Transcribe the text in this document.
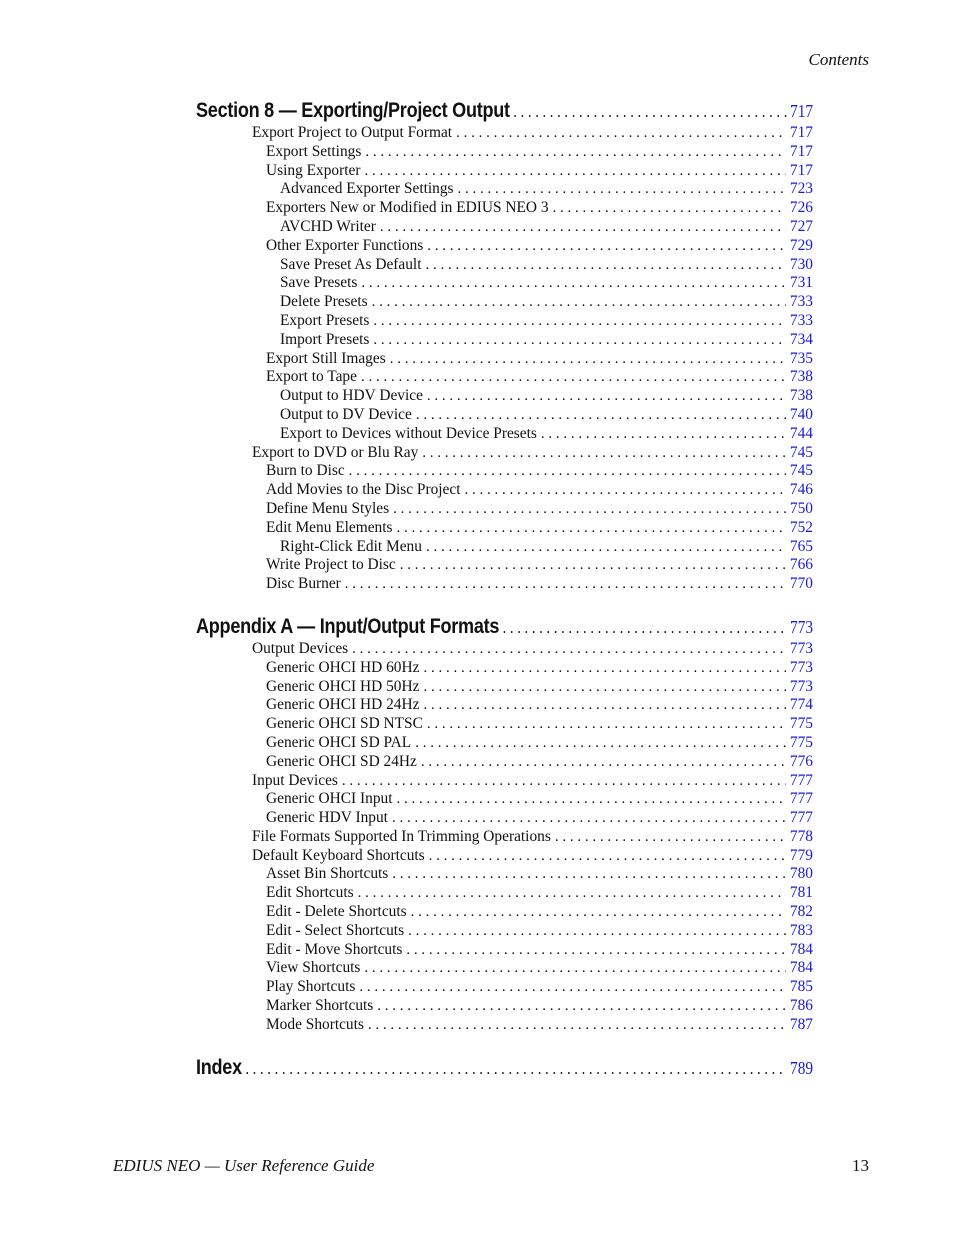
Contents
Section 8 — Exporting/Project Output . . .	717
Export Project to Output Format . . .	717
Export Settings . . .	717
Using Exporter . . .	717
Advanced Exporter Settings . . .	723
Exporters New or Modified in EDIUS NEO 3 . . .	726
AVCHD Writer . . .	727
Other Exporter Functions . . .	729
Save Preset As Default . . .	730
Save Presets . . .	731
Delete Presets . . .	733
Export Presets . . .	733
Import Presets . . .	734
Export Still Images . . .	735
Export to Tape . . .	738
Output to HDV Device . . .	738
Output to DV Device . . .	740
Export to Devices without Device Presets . . .	744
Export to DVD or Blu Ray . . .	745
Burn to Disc . . .	745
Add Movies to the Disc Project . . .	746
Define Menu Styles . . .	750
Edit Menu Elements . . .	752
Right-Click Edit Menu . . .	765
Write Project to Disc . . .	766
Disc Burner . . .	770
Appendix A — Input/Output Formats . . .	773
Output Devices . . .	773
Generic OHCI HD 60Hz . . .	773
Generic OHCI HD 50Hz . . .	773
Generic OHCI HD 24Hz . . .	774
Generic OHCI SD NTSC . . .	775
Generic OHCI SD PAL . . .	775
Generic OHCI SD 24Hz . . .	776
Input Devices . . .	777
Generic OHCI Input . . .	777
Generic HDV Input . . .	777
File Formats Supported In Trimming Operations . . .	778
Default Keyboard Shortcuts . . .	779
Asset Bin Shortcuts . . .	780
Edit Shortcuts . . .	781
Edit - Delete Shortcuts . . .	782
Edit - Select Shortcuts . . .	783
Edit - Move Shortcuts . . .	784
View Shortcuts . . .	784
Play Shortcuts . . .	785
Marker Shortcuts . . .	786
Mode Shortcuts . . .	787
Index . . .	789
EDIUS NEO — User Reference Guide	13
